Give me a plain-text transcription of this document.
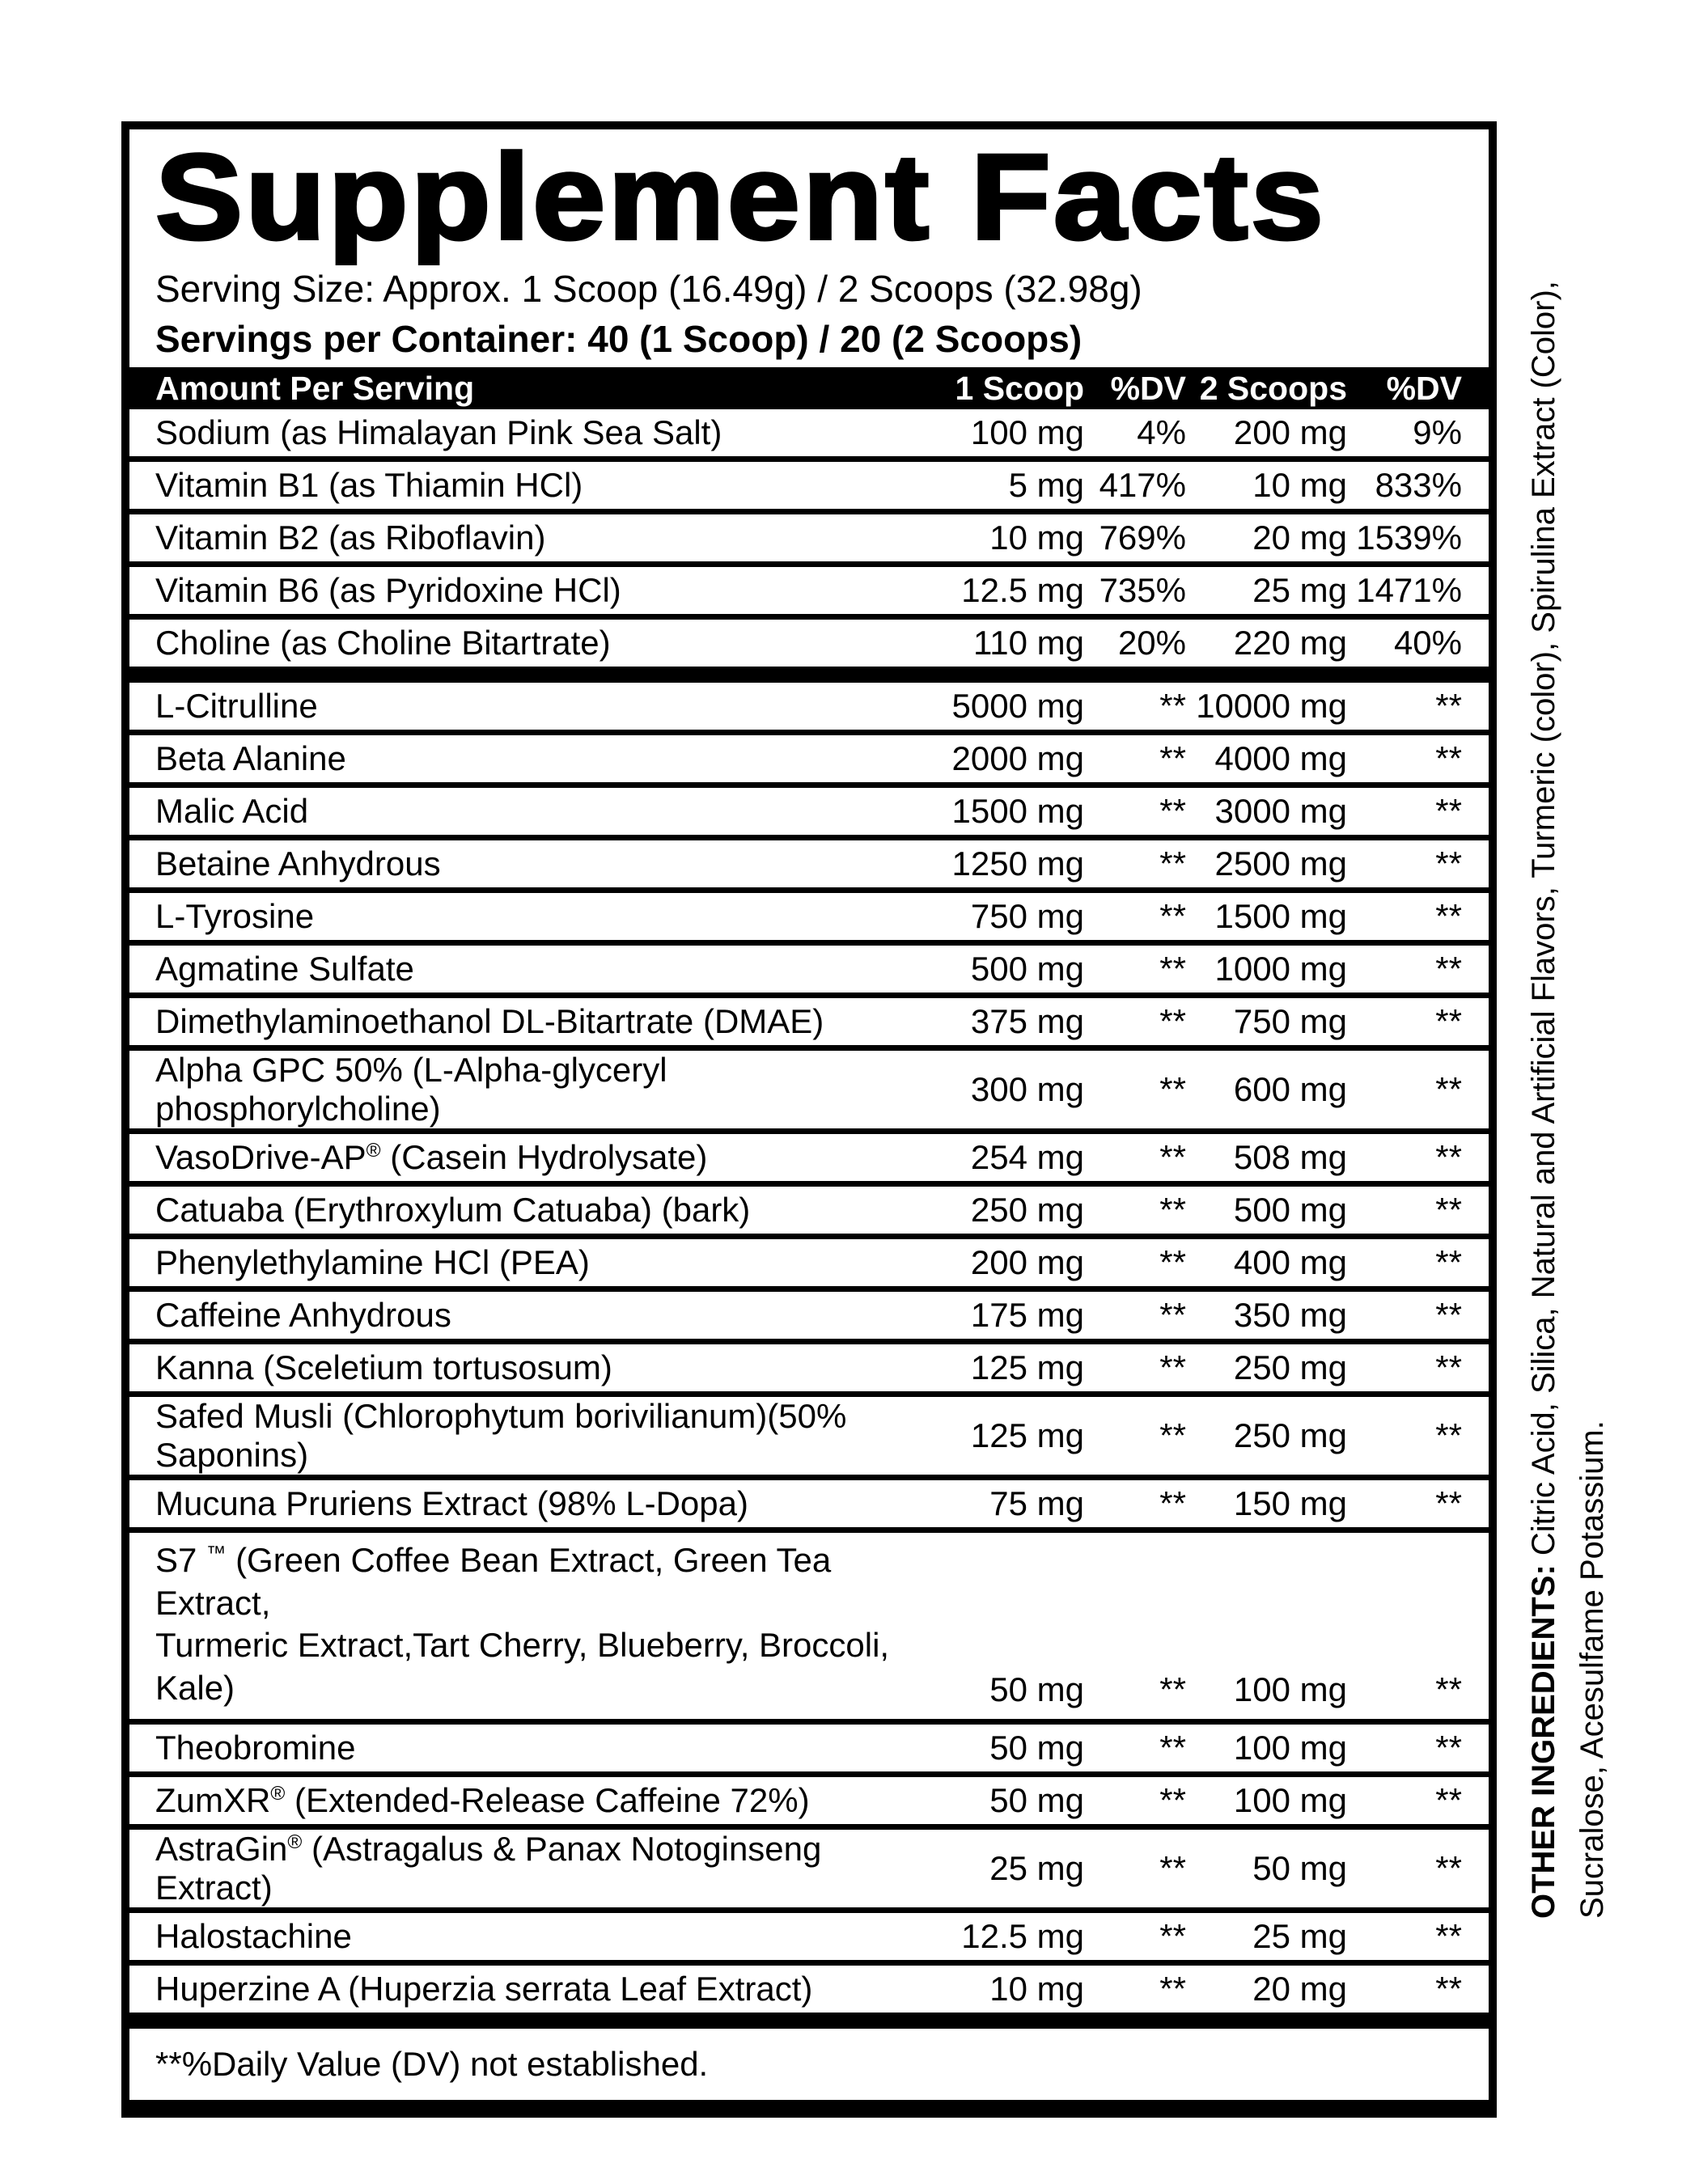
Supplement Facts
Serving Size: Approx. 1 Scoop (16.49g) / 2 Scoops (32.98g)
Servings per Container: 40 (1 Scoop) / 20 (2 Scoops)
Amount Per Serving	1 Scoop %DV 2 Scoops	%DV
Sodium (as Himalayan Pink Sea Salt)	100 mg	4%	200 mg	9%
Vitamin B1 (as Thiamin HCl)	5 mg 417%	10 mg 833%
Vitamin B2 (as Riboflavin)	10 mg 769%	20 mg 1539%
Vitamin B6 (as Pyridoxine HCl)	12.5 mg 735%	25 mg 1471%
Choline (as Choline Bitartrate)	110 mg 20%	220 mg	40%
L-Citrulline	5000 mg	** 10000 mg	**
Beta Alanine	2000 mg	** 4000 mg	**
Malic Acid	1500 mg	** 3000 mg	**
Betaine Anhydrous	1250 mg	** 2500 mg	**
L-Tyrosine	750 mg	** 1500 mg	**
Agmatine Sulfate	500 mg	** 1000 mg	**
Dimethylaminoethanol DL-Bitartrate (DMAE)	375 mg	**	750 mg	**
Alpha GPC 50% (L-Alpha-glyceryl phosphorylcholine)
300 mg	**	600 mg	**
VasoDrive-AP® (Casein Hydrolysate)	254 mg	**	508 mg	**
Catuaba (Erythroxylum Catuaba) (bark)	250 mg	**	500 mg	**
Phenylethylamine HCl (PEA)	200 mg	**	400 mg	**
Caffeine Anhydrous	175 mg	**	350 mg	**
Kanna (Sceletium tortusosum)	125 mg	**	250 mg	**
Safed Musli (Chlorophytum borivilianum)(50% Saponins)
125 mg	**	250 mg	**
Mucuna Pruriens Extract (98% L-Dopa)	75 mg	**	150 mg	**
S7 ™ (Green Coffee Bean Extract, Green Tea Extract,
Turmeric Extract,Tart Cherry, Blueberry, Broccoli, Kale)	50 mg	**	100 mg	**
Theobromine	50 mg	**	100 mg	**
ZumXR® (Extended-Release Caffeine 72%)	50 mg	**	100 mg	**
AstraGin® (Astragalus & Panax Notoginseng Extract)
25 mg	**	50 mg	**
Halostachine	12.5 mg	**	25 mg	**
Huperzine A (Huperzia serrata Leaf Extract)	10 mg	**	20 mg	**
**%Daily Value (DV) not established.
OTHER INGREDIENTS: Citric Acid, Silica, Natural and Artificial Flavors, Turmeric (color), Spirulina Extract (Color),
Sucralose, Acesulfame Potassium.
